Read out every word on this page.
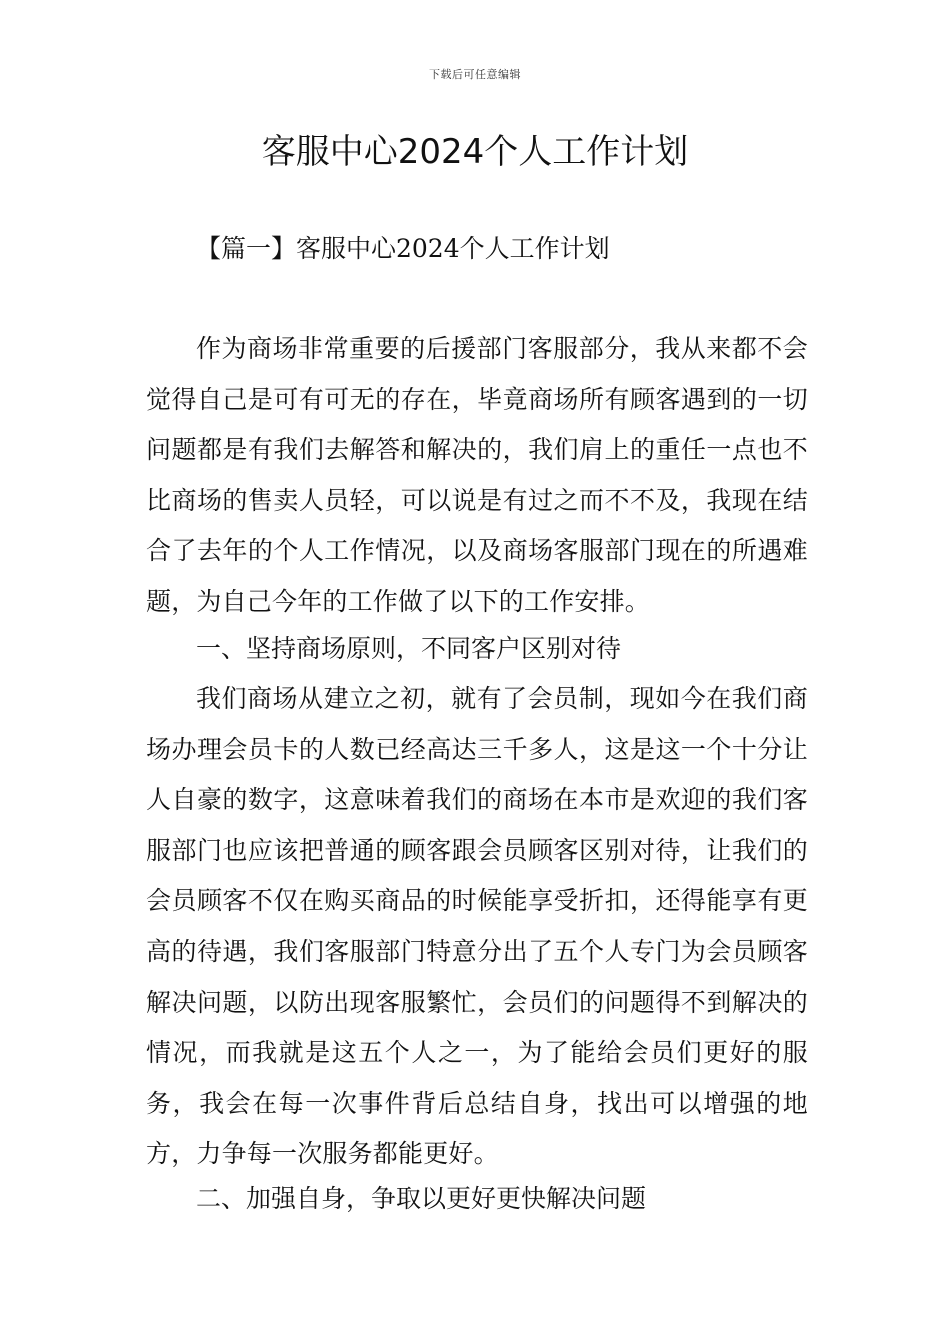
下载后可任意编辑
客服中心2024个人工作计划
【篇一】客服中心2024个人工作计划

作为商场非常重要的后援部门客服部分，我从来都不会觉得自己是可有可无的存在，毕竟商场所有顾客遇到的一切问题都是有我们去解答和解决的，我们肩上的重任一点也不比商场的售卖人员轻，可以说是有过之而不不及，我现在结合了去年的个人工作情况，以及商场客服部门现在的所遇难题，为自己今年的工作做了以下的工作安排。

一、坚持商场原则，不同客户区别对待

我们商场从建立之初，就有了会员制，现如今在我们商场办理会员卡的人数已经高达三千多人，这是这一个十分让人自豪的数字，这意味着我们的商场在本市是欢迎的我们客服部门也应该把普通的顾客跟会员顾客区别对待，让我们的会员顾客不仅在购买商品的时候能享受折扣，还得能享有更高的待遇，我们客服部门特意分出了五个人专门为会员顾客解决问题，以防出现客服繁忙，会员们的问题得不到解决的情况，而我就是这五个人之一，为了能给会员们更好的服务，我会在每一次事件背后总结自身，找出可以增强的地方，力争每一次服务都能更好。

二、加强自身，争取以更好更快解决问题
